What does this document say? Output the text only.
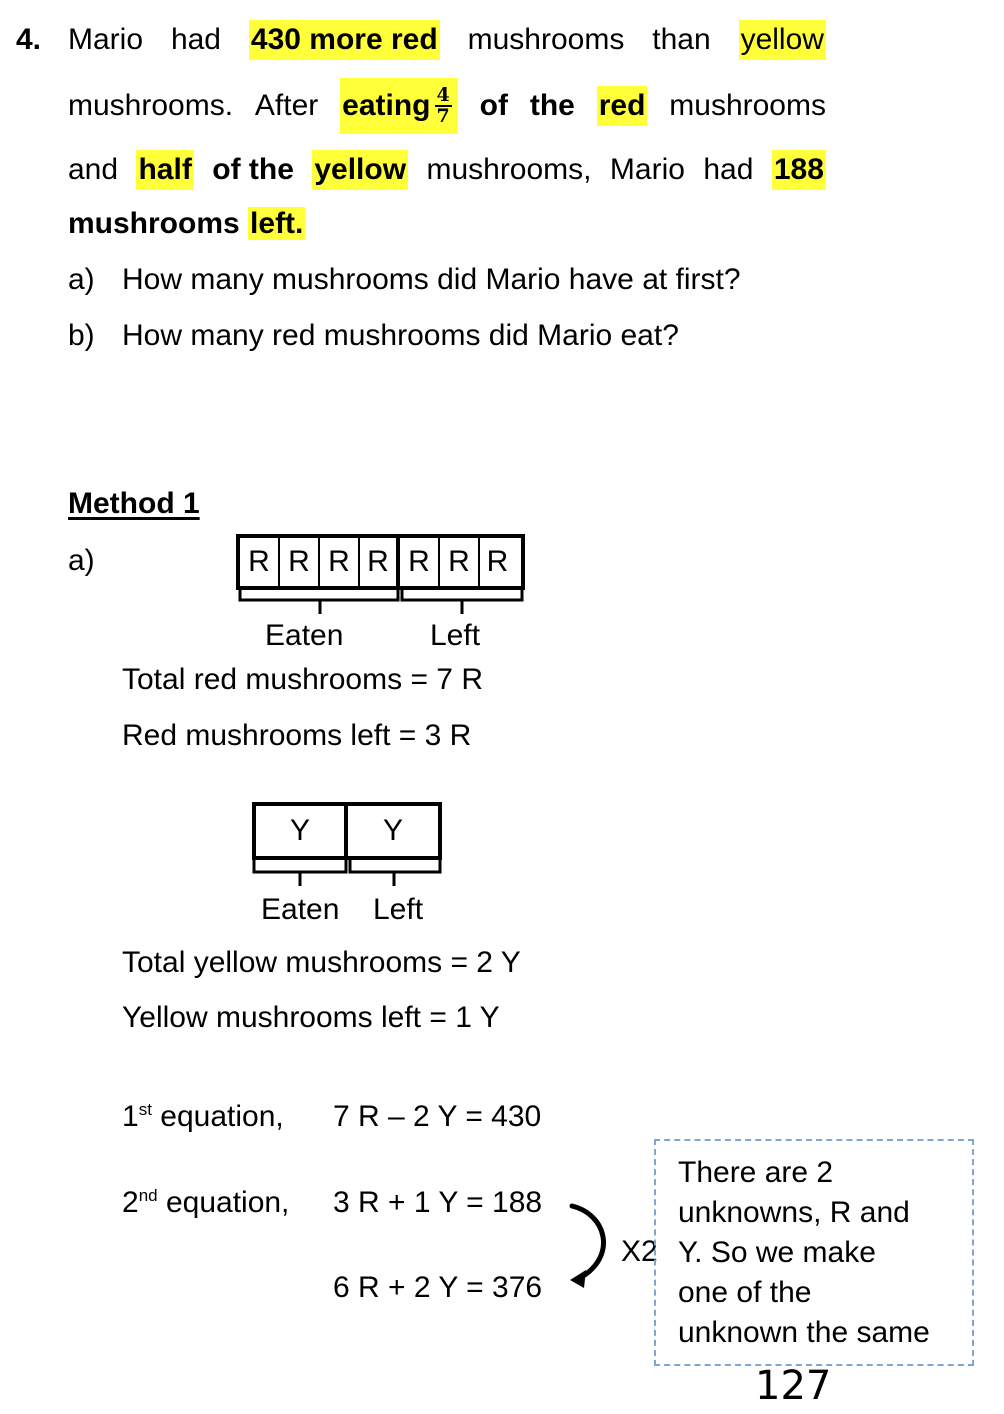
4. Mario had 430 more red mushrooms than yellow
mushrooms. After eating $\frac{4}{7}$ of the red mushrooms
and half of the yellow mushrooms, Mario had 188
mushrooms left.
a) How many mushrooms did Mario have at first?
b) How many red mushrooms did Mario eat?
Method 1
a)	R R R R R R R
Eaten	Left
Total red mushrooms = 7 R
Red mushrooms left = 3 R
Y	Y
Eaten Left
Total yellow mushrooms = 2 Y
Yellow mushrooms left = 1 Y
1st equation, 7 R – 2 Y = 430
2nd equation, 3 R + 1 Y = 188
6 R + 2 Y = 376
X2
There are 2
unknowns, R and
Y. So we make
one of the
unknown the same
127
